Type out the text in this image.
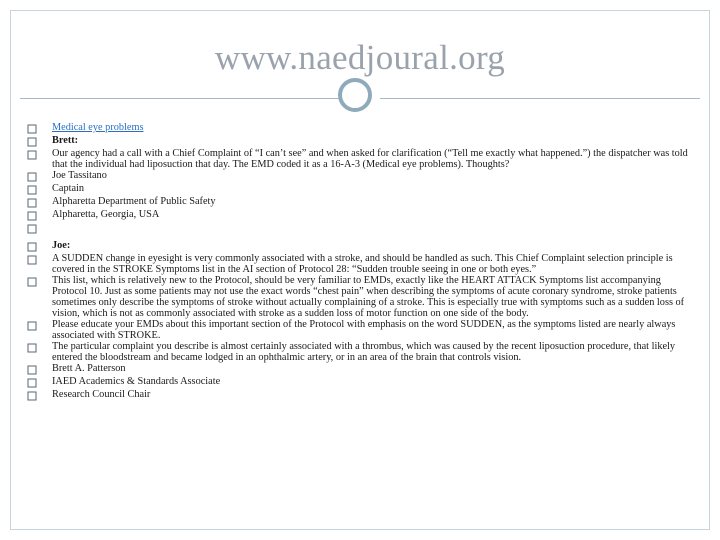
www.naedjoural.org
Medical eye problems
Brett:
Our agency had a call with a Chief Complaint of “I can’t see” and when asked for clarification (“Tell me exactly what happened.”) the dispatcher was told that the individual had liposuction that day. The EMD coded it as a 16-A-3 (Medical eye problems). Thoughts?
Joe Tassitano
Captain
Alpharetta Department of Public Safety
Alpharetta, Georgia, USA
Joe:
A SUDDEN change in eyesight is very commonly associated with a stroke, and should be handled as such. This Chief Complaint selection principle is covered in the STROKE Symptoms list in the AI section of Protocol 28: “Sudden trouble seeing in one or both eyes.”
This list, which is relatively new to the Protocol, should be very familiar to EMDs, exactly like the HEART ATTACK Symptoms list accompanying Protocol 10. Just as some patients may not use the exact words “chest pain” when describing the symptoms of acute coronary syndrome, stroke patients sometimes only describe the symptoms of stroke without actually complaining of a stroke. This is especially true with symptoms such as a sudden loss of vision, which is not as commonly associated with stroke as a sudden loss of motor function on one side of the body.
Please educate your EMDs about this important section of the Protocol with emphasis on the word SUDDEN, as the symptoms listed are nearly always associated with STROKE.
The particular complaint you describe is almost certainly associated with a thrombus, which was caused by the recent liposuction procedure, that likely entered the bloodstream and became lodged in an ophthalmic artery, or in an area of the brain that controls vision.
Brett A. Patterson
IAED Academics & Standards Associate
Research Council Chair
